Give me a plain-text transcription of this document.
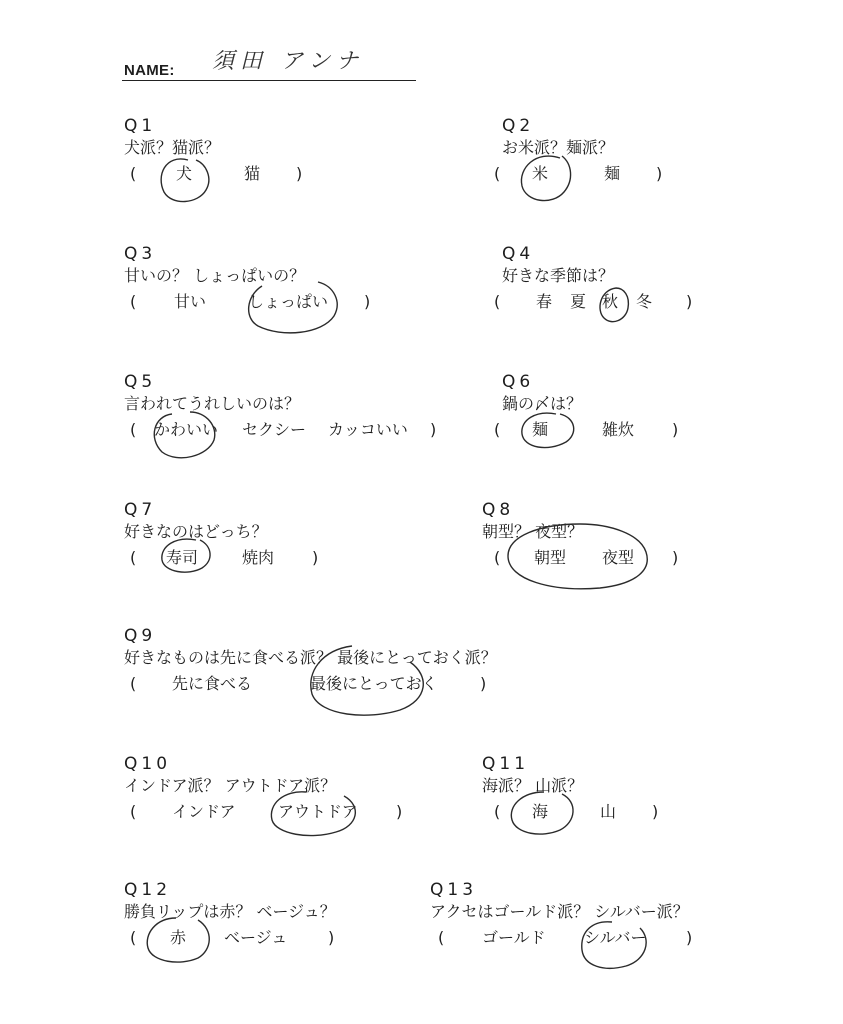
NAME: 須田 アンナ
Q1
犬派？猫派？
( 犬	猫 )
Q2
お米派？麺派？
( 米	麺 )
Q3
甘いの？ しょっぱいの？
( 甘い	しょっぱい )
Q4
好きな季節は？
( 春 夏 秋 冬 )
Q5
言われてうれしいのは？
( かわいい セクシー カッコいい )
Q6
鍋の〆は？
( 麺	雑炊 )
Q7
好きなのはどっち？
( 寿司	焼肉 )
Q8
朝型？ 夜型？
( 朝型 夜型 )
Q9
好きなものは先に食べる派？ 最後にとっておく派？
( 先に食べる	最後にとっておく	)
Q10
インドア派？ アウトドア派？
( インドア	アウトドア )
Q11
海派？ 山派？
( 海	山 )
Q12
勝負リップは赤？ ベージュ？
( 赤 ベージュ	)
Q13
アクセはゴールド派？ シルバー派？
( ゴールド シルバー )
